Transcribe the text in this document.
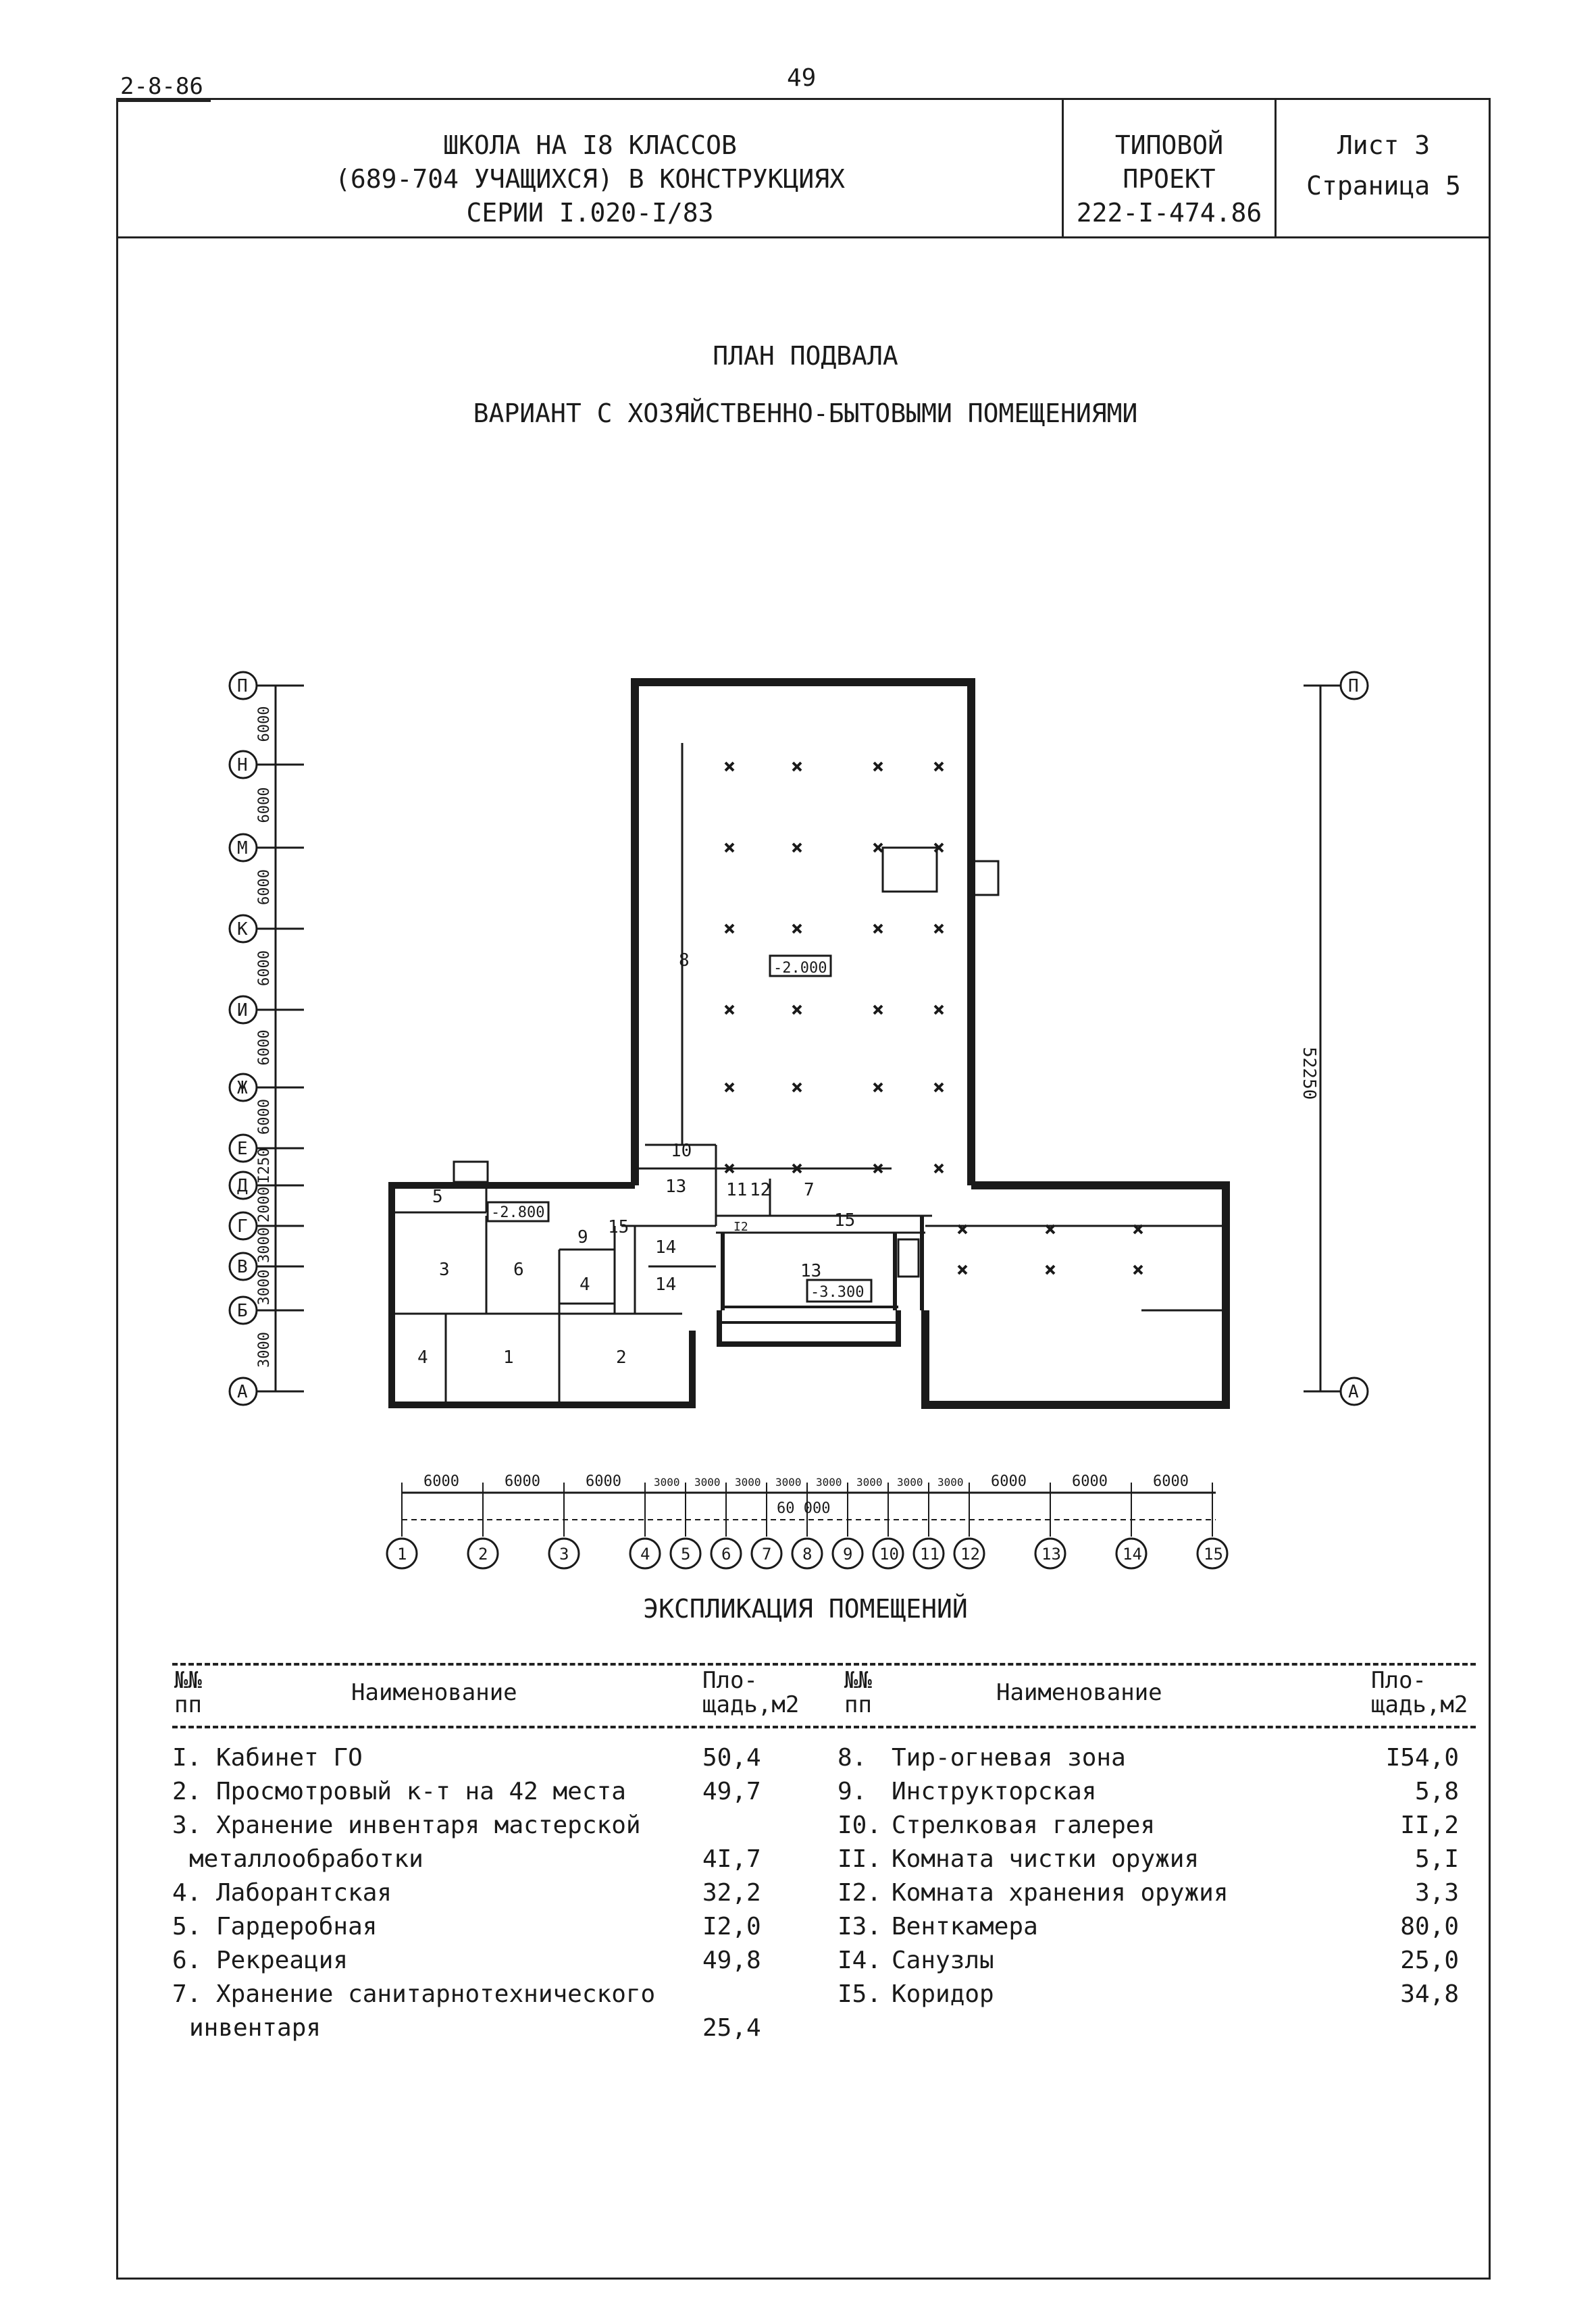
2-8-86	49
ШКОЛА НА I8 КЛАССОВ
(689-704 УЧАЩИХСЯ) В КОНСТРУКЦИЯХ
СЕРИИ I.020-I/83
ТИПОВОЙ ПРОЕКТ
222-I-474.86
Лист 3
Страница 5
ПЛАН ПОДВАЛА
ВАРИАНТ С ХОЗЯЙСТВЕННО-БЫТОВЫМИ ПОМЕЩЕНИЯМИ
П
Н
М
К
И
Ж
Е
Д
Г
В
Б
А
6000
6000
6000
6000
6000
6000
I250
2000
3000
3000
3000
П
А
1	2	3	4 5 6 7 8 9 10 11 12	13	14	15
6000	6000	6000	3000 3000 3000 3000 3000 3000 3000 3000 6000	6000	6000
8
10
13 11 12 7
15
5
9	14
14
15
3	6
4
13
4	1	2
I2
-2.000
-2.800
-3.300
52250
60 000
ЭКСПЛИКАЦИЯ ПОМЕЩЕНИЙ
№№
пп	Наименование	Пло-
щадь,м2
№№
пп	Наименование	Пло-
щадь,м2
I. Кабинет ГО	50,4
2. Просмотровый к-т на 42 места	49,7
3. Хранение инвентаря мастерской
металлообработки	4I,7
4. Лаборантская	32,2
5. Гардеробная	I2,0
6. Рекреация	49,8
7. Хранение санитарнотехнического
инвентаря	25,4
8. Тир-огневая зона	I54,0
9. Инструкторская	5,8
I0. Стрелковая галерея	II,2
II. Комната чистки оружия	5,I
I2. Комната хранения оружия	3,3
I3. Венткамера	80,0
I4. Санузлы	25,0
I5. Коридор	34,8
